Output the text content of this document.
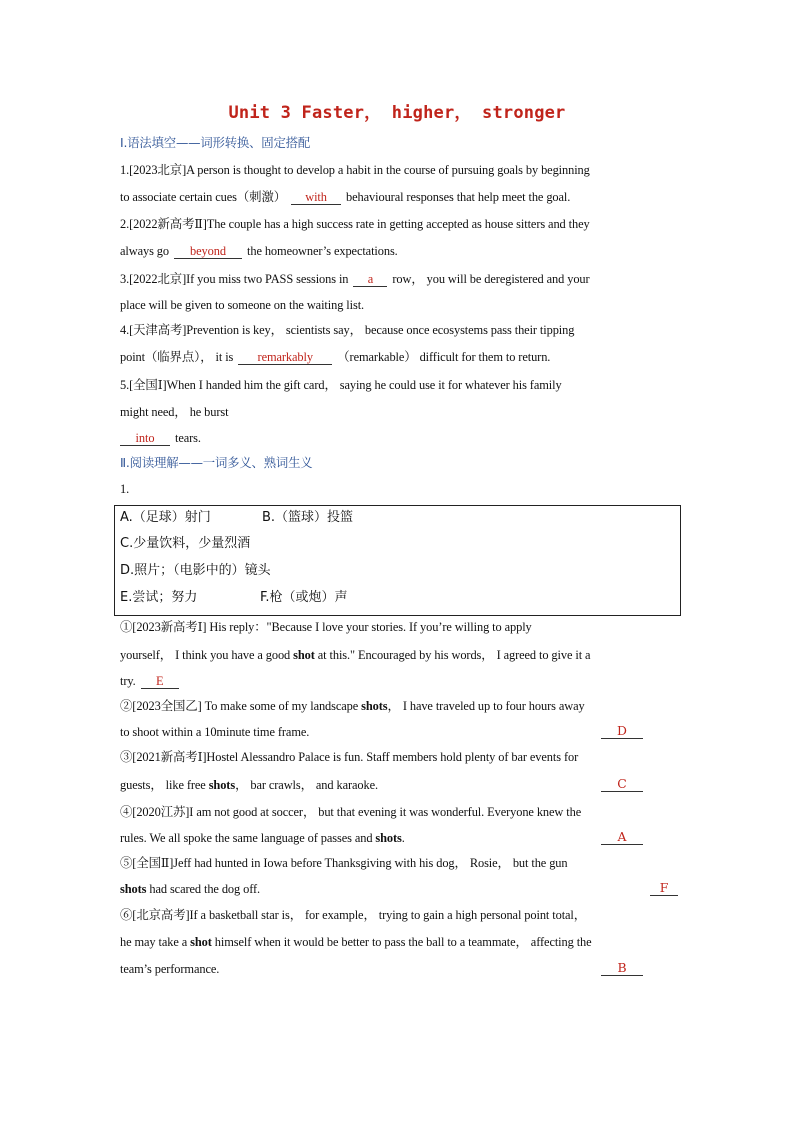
Unit 3 Faster， higher， stronger
Ⅰ.语法填空——词形转换、固定搭配
1.[2023北京]A person is thought to develop a habit in the course of pursuing goals by beginning
to associate certain cues（刺激） with behavioural responses that help meet the goal.
2.[2022新高考Ⅱ]The couple has a high success rate in getting accepted as house sitters and they
always go beyond the homeowner’s expectations.
3.[2022北京]If you miss two PASS sessions in a row， you will be deregistered and your
place will be given to someone on the waiting list.
4.[天津高考]Prevention is key， scientists say， because once ecosystems pass their tipping
point（临界点）， it is remarkably （remarkable） difficult for them to return.
5.[全国Ⅰ]When I handed him the gift card， saying he could use it for whatever his family
might need， he burst
into tears.
Ⅱ.阅读理解——一词多义、熟词生义
1.
A.（足球）射门	B.（篮球）投篮
C.少量饮料，少量烈酒
D.照片；（电影中的）镜头
E.尝试；努力	F.枪（或炮）声
①[2023新高考Ⅰ] His reply："Because I love your stories. If you’re willing to apply
yourself， I think you have a good shot at this." Encouraged by his words， I agreed to give it a
try. E
②[2023全国乙] To make some of my landscape shots， I have traveled up to four hours away
to shoot within a 10minute time frame.	D
③[2021新高考Ⅰ]Hostel Alessandro Palace is fun. Staff members hold plenty of bar events for
guests， like free shots， bar crawls， and karaoke.	C
④[2020江苏]I am not good at soccer， but that evening it was wonderful. Everyone knew the
rules. We all spoke the same language of passes and shots.	A
⑤[全国Ⅱ]Jeff had hunted in Iowa before Thanksgiving with his dog， Rosie， but the gun
shots had scared the dog off.	F
⑥[北京高考]If a basketball star is， for example， trying to gain a high personal point total，
he may take a shot himself when it would be better to pass the ball to a teammate， affecting the
team’s performance.	B
